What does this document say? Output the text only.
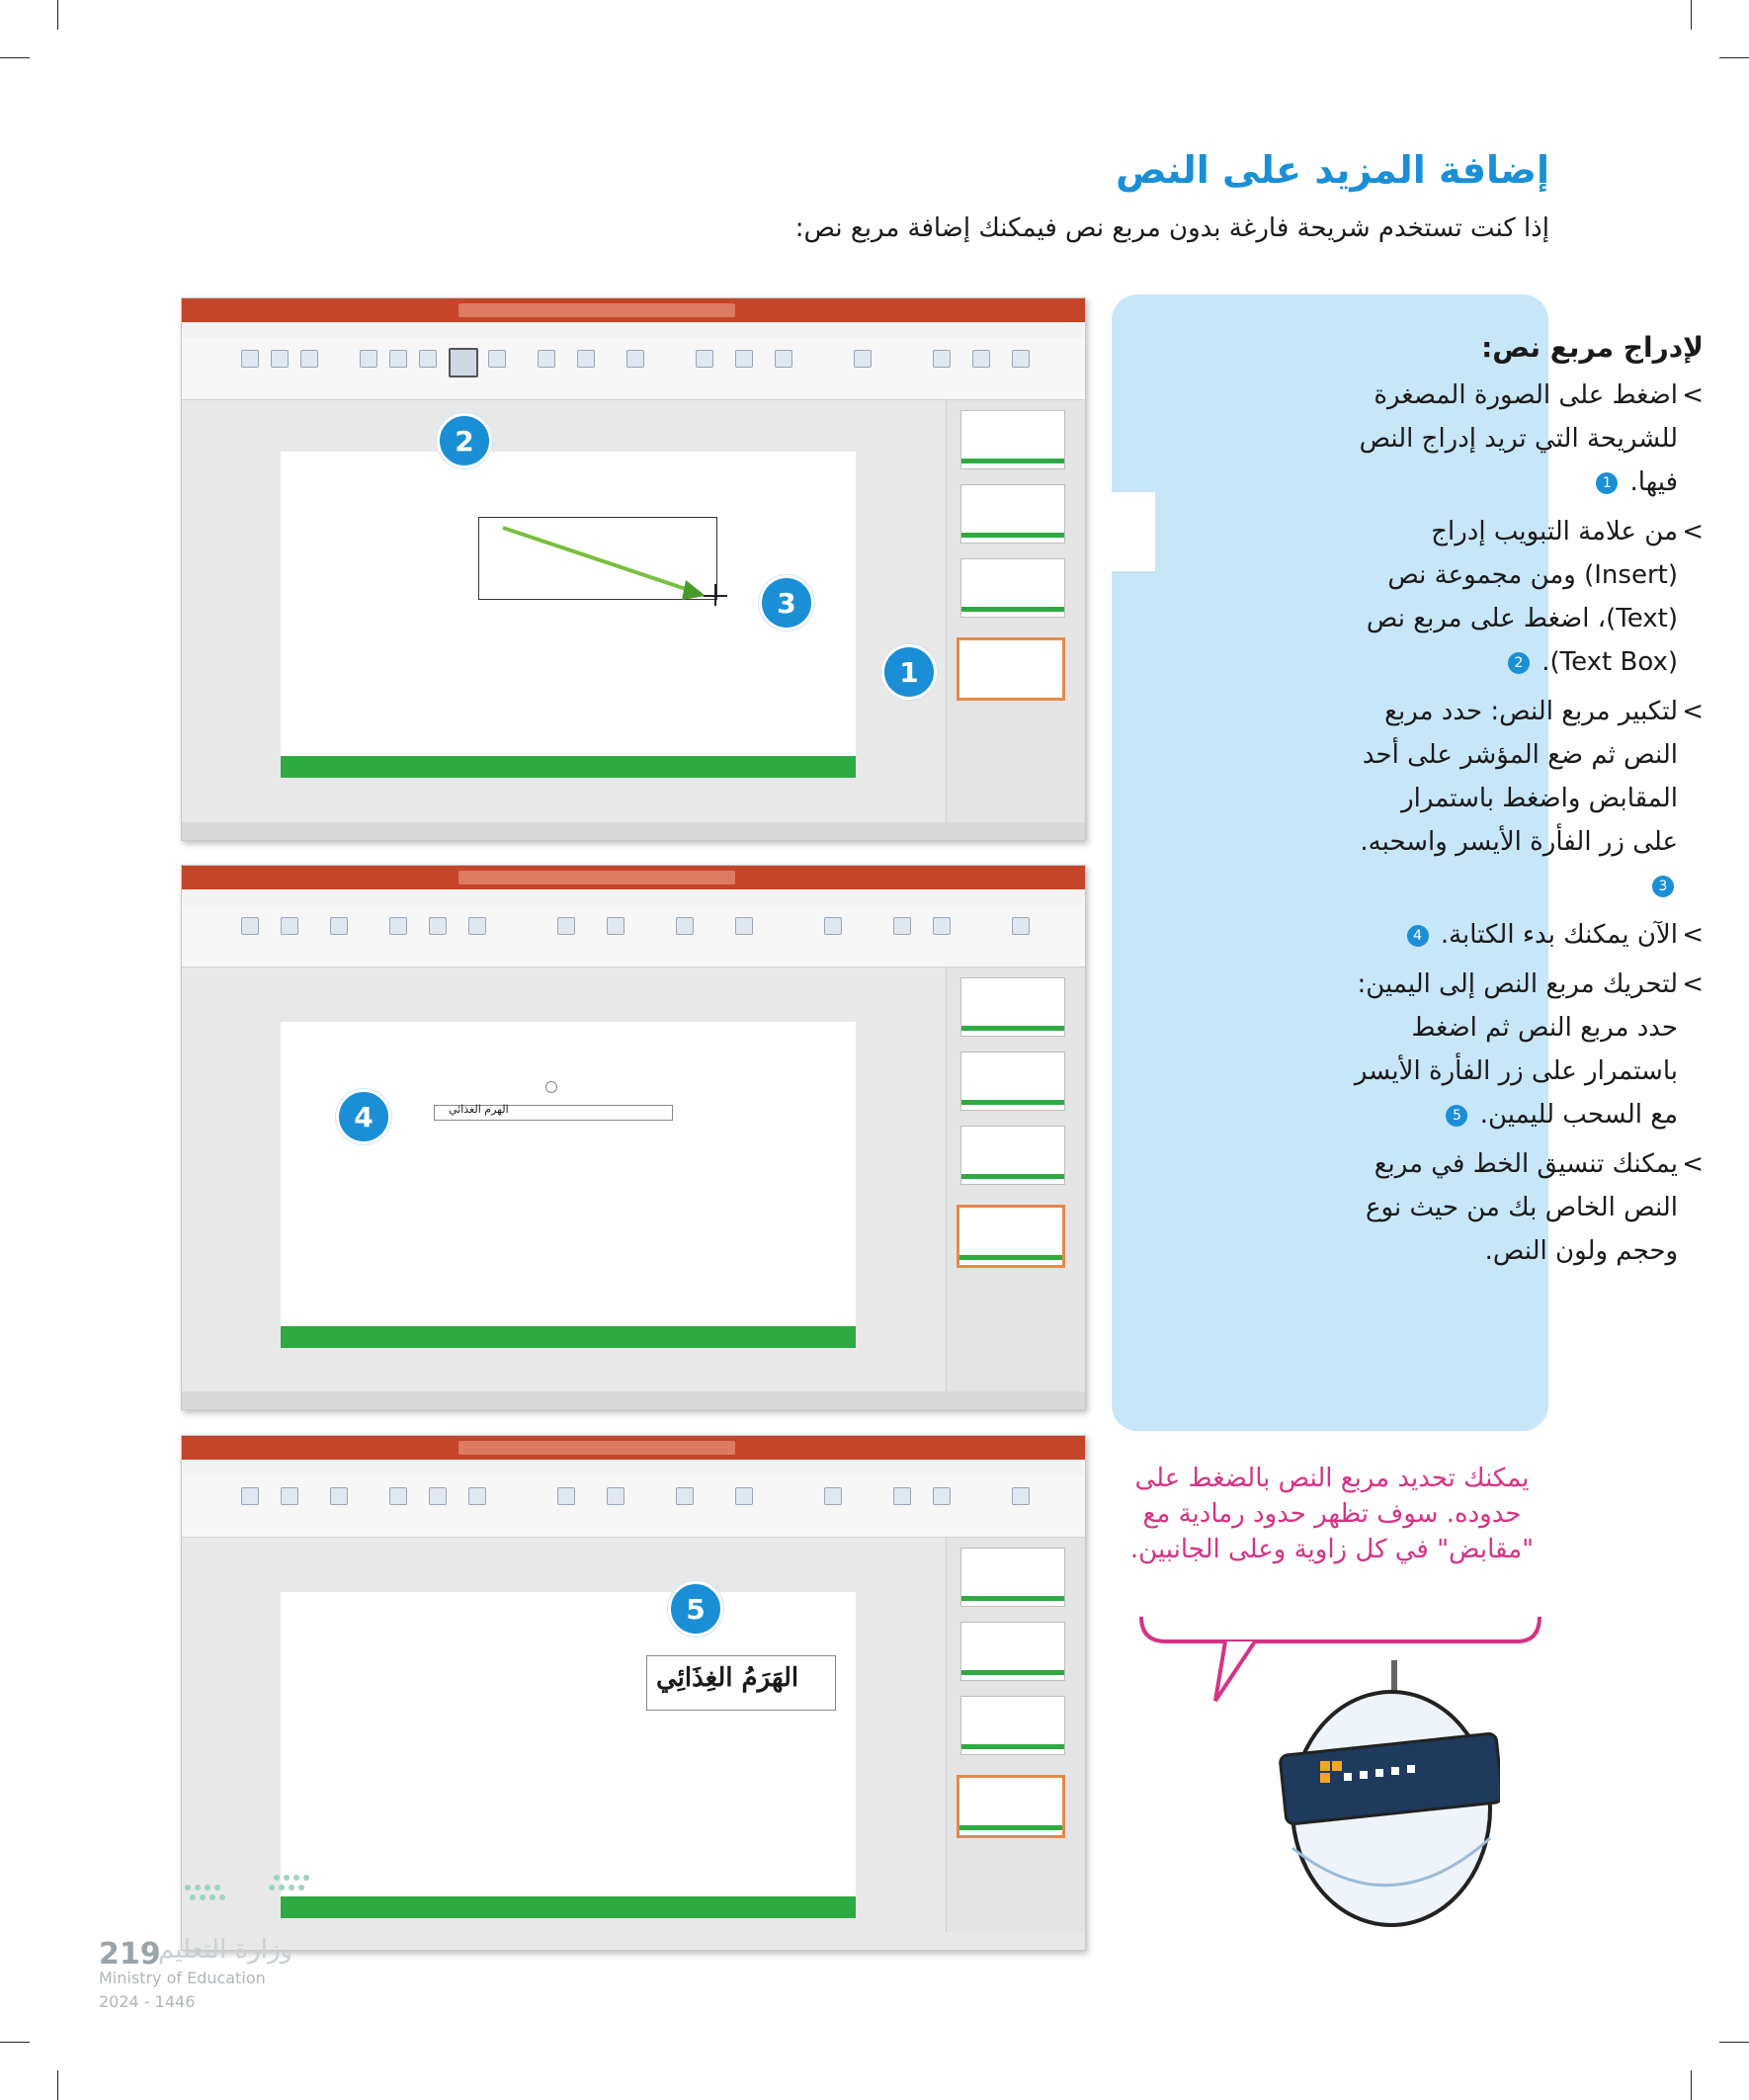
إضافة المزيد على النص
إذا كنت تستخدم شريحة فارغة بدون مربع نص فيمكنك إضافة مربع نص:
2
3
1
الهرم الغذائي
4
الهَرَمُ الغِذَائِي
5
لإدراج مربع نص:
> اضغط على الصورة المصغرة للشريحة التي تريد إدراج النص فيها. 1
> من علامة التبويب إدراج (Insert) ومن مجموعة نص (Text)، اضغط على مربع نص (Text Box). 2
> لتكبير مربع النص: حدد مربع النص ثم ضع المؤشر على أحد المقابض واضغط باستمرار على زر الفأرة الأيسر واسحبه. 3
> الآن يمكنك بدء الكتابة. 4
> لتحريك مربع النص إلى اليمين: حدد مربع النص ثم اضغط باستمرار على زر الفأرة الأيسر مع السحب لليمين. 5
> يمكنك تنسيق الخط في مربع النص الخاص بك من حيث نوع وحجم ولون النص.
يمكنك تحديد مربع النص بالضغط على حدوده. سوف تظهر حدود رمادية مع "مقابض" في كل زاوية وعلى الجانبين.
219
وزارة التعليم
Ministry of Education
2024 - 1446
